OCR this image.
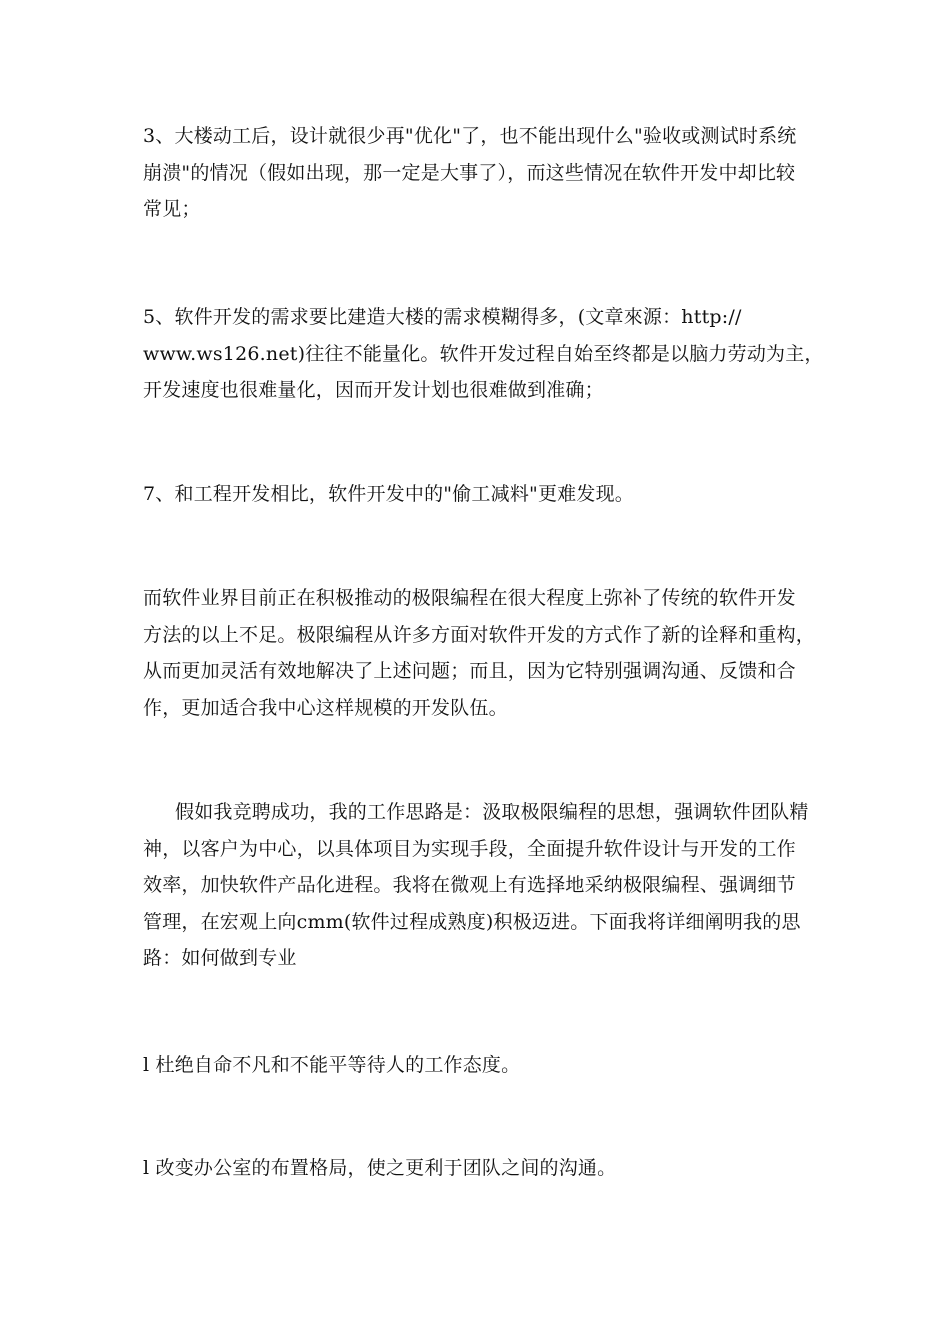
3、大楼动工后，设计就很少再"优化"了，也不能出现什么"验收或测试时系统
崩溃"的情况（假如出现，那一定是大事了），而这些情况在软件开发中却比较
常见；

5、软件开发的需求要比建造大楼的需求模糊得多，(文章來源：http://
www.ws126.net)往往不能量化。软件开发过程自始至终都是以脑力劳动为主，
开发速度也很难量化，因而开发计划也很难做到准确；

7、和工程开发相比，软件开发中的"偷工减料"更难发现。

而软件业界目前正在积极推动的极限编程在很大程度上弥补了传统的软件开发
方法的以上不足。极限编程从许多方面对软件开发的方式作了新的诠释和重构，
从而更加灵活有效地解决了上述问题；而且，因为它特别强调沟通、反馈和合
作，更加适合我中心这样规模的开发队伍。

假如我竞聘成功，我的工作思路是：汲取极限编程的思想，强调软件团队精
神，以客户为中心，以具体项目为实现手段，全面提升软件设计与开发的工作
效率，加快软件产品化进程。我将在微观上有选择地采纳极限编程、强调细节
管理，在宏观上向cmm(软件过程成熟度)积极迈进。下面我将详细阐明我的思
路：如何做到专业

l 杜绝自命不凡和不能平等待人的工作态度。

l 改变办公室的布置格局，使之更利于团队之间的沟通。
